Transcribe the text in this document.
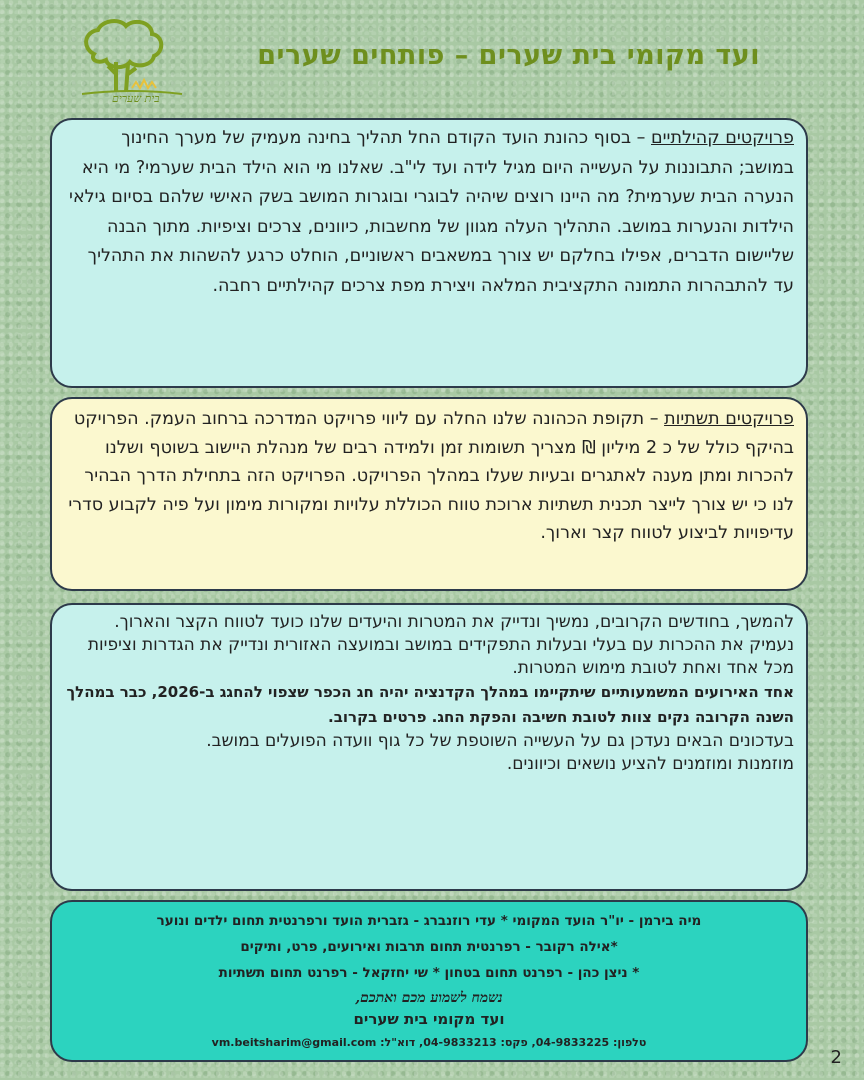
בית שערים
ועד מקומי בית שערים – פותחים שערים
פרויקטים קהילתיים – בסוף כהונת הועד הקודם החל תהליך בחינה מעמיק של מערך החינוך במושב; התבוננות על העשייה היום מגיל לידה ועד לי"ב. שאלנו מי הוא הילד הבית שערמי? מי היא הנערה הבית שערמית? מה היינו רוצים שיהיה לבוגרי ובוגרות המושב בשק האישי שלהם בסיום גילאי הילדות והנערות במושב. התהליך העלה מגוון של מחשבות, כיוונים, צרכים וציפיות. מתוך הבנה שליישום הדברים, אפילו בחלקם יש צורך במשאבים ראשוניים, הוחלט כרגע להשהות את התהליך עד להתבהרות התמונה התקציבית המלאה ויצירת מפת צרכים קהילתיים רחבה.
פרויקטים תשתיות – תקופת הכהונה שלנו החלה עם ליווי פרויקט המדרכה ברחוב העמק. הפרויקט בהיקף כולל של כ 2 מיליון ₪ מצריך תשומות זמן ולמידה רבים של מנהלת היישוב בשוטף ושלנו להכרות ומתן מענה לאתגרים ובעיות שעלו במהלך הפרויקט. הפרויקט הזה בתחילת הדרך הבהיר לנו כי יש צורך לייצר תכנית תשתיות ארוכת טווח הכוללת עלויות ומקורות מימון ועל פיה לקבוע סדרי עדיפויות לביצוע לטווח קצר וארוך.
להמשך, בחודשים הקרובים, נמשיך ונדייק את המטרות והיעדים שלנו כועד לטווח הקצר והארוך.
נעמיק את ההכרות עם בעלי ובעלות התפקידים במושב ובמועצה האזורית ונדייק את הגדרות וציפיות מכל אחד ואחת לטובת מימוש המטרות.
אחד האירועים המשמעותיים שיתקיימו במהלך הקדנציה יהיה חג הכפר שצפוי להחגג ב-2026, כבר במהלך השנה הקרובה נקים צוות לטובת חשיבה והפקת החג. פרטים בקרוב.
בעדכונים הבאים נעדכן גם על העשייה השוטפת של כל גוף וועדה הפועלים במושב.
מוזמנות ומוזמנים להציע נושאים וכיוונים.
מיה בירמן - יו"ר הועד המקומי * עדי רוזנברג - גזברית הועד ורפרנטית תחום ילדים ונוער
*אילה רקובר - רפרנטית תחום תרבות ואירועים, פרט, ותיקים
* ניצן כהן - רפרנט תחום בטחון * שי יחזקאל - רפרנט תחום תשתיות
נשמח לשמוע מכם ואתכם,
ועד מקומי בית שערים
טלפון: 04-9833225, פקס: 04-9833213, דוא"ל: vm.beitsharim@gmail.com
2
